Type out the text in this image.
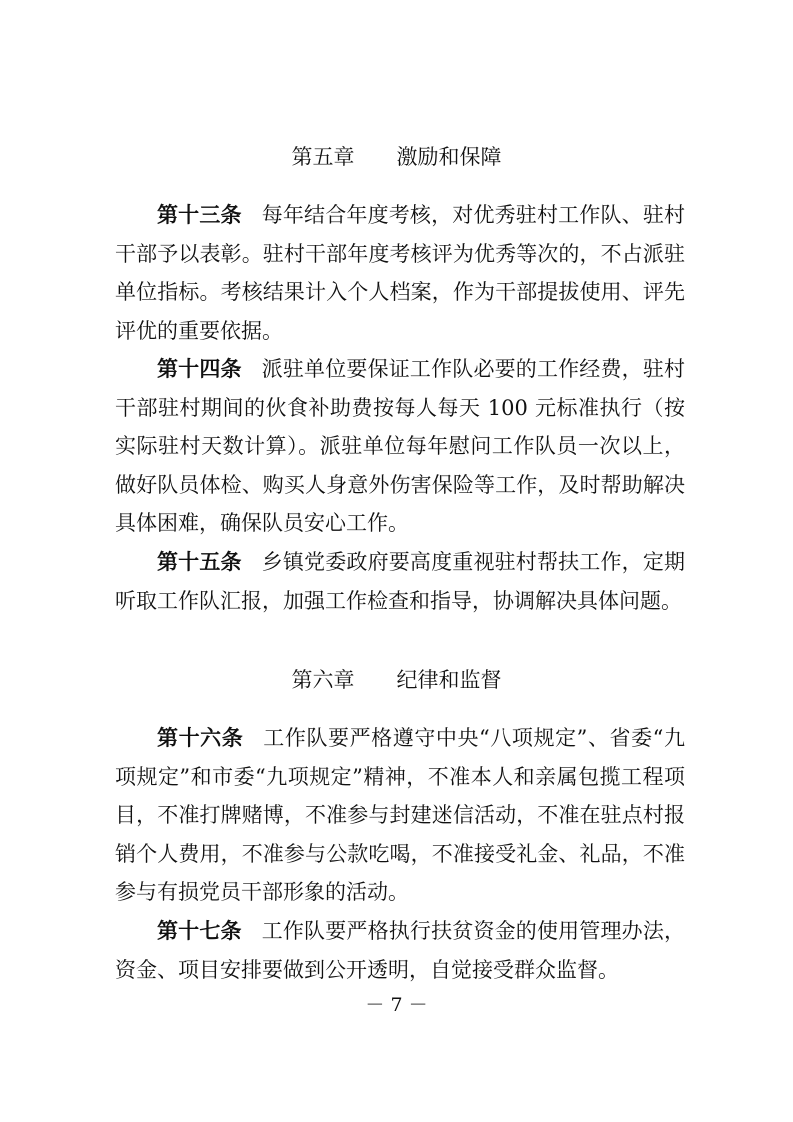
第五章　　激励和保障

第十三条 每年结合年度考核，对优秀驻村工作队、驻村干部予以表彰。驻村干部年度考核评为优秀等次的，不占派驻单位指标。考核结果计入个人档案，作为干部提拔使用、评先评优的重要依据。

第十四条 派驻单位要保证工作队必要的工作经费，驻村干部驻村期间的伙食补助费按每人每天 100 元标准执行（按实际驻村天数计算）。派驻单位每年慰问工作队员一次以上，做好队员体检、购买人身意外伤害保险等工作，及时帮助解决具体困难，确保队员安心工作。

第十五条 乡镇党委政府要高度重视驻村帮扶工作，定期听取工作队汇报，加强工作检查和指导，协调解决具体问题。

第六章　　纪律和监督

第十六条 工作队要严格遵守中央“八项规定”、省委“九项规定”和市委“九项规定”精神，不准本人和亲属包揽工程项目，不准打牌赌博，不准参与封建迷信活动，不准在驻点村报销个人费用，不准参与公款吃喝，不准接受礼金、礼品，不准参与有损党员干部形象的活动。

第十七条 工作队要严格执行扶贫资金的使用管理办法，资金、项目安排要做到公开透明，自觉接受群众监督。

－ 7 －
